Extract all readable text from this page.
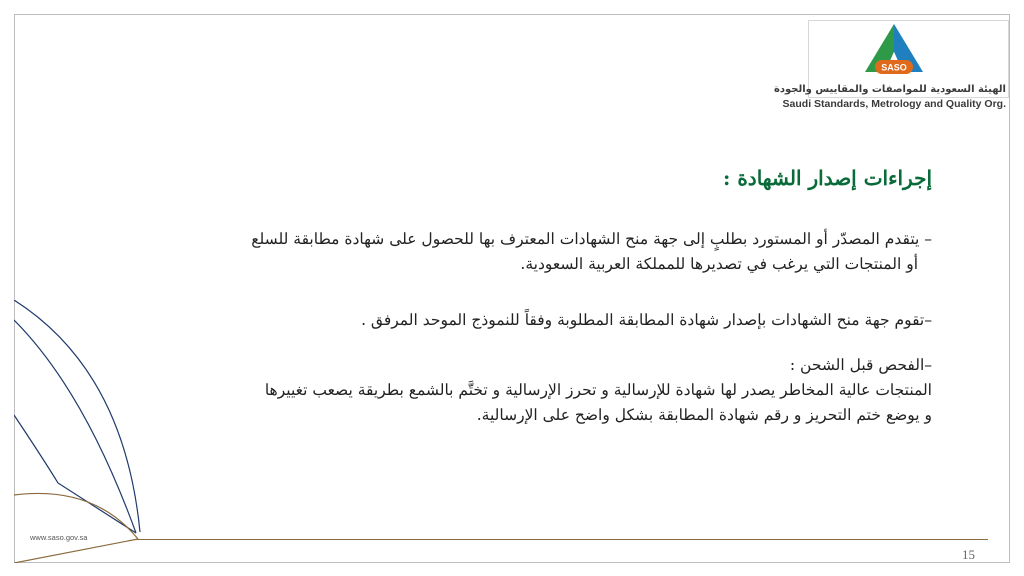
SASO
الهيئة السعودية للمواصفات والمقاييس والجودة
Saudi Standards, Metrology and Quality Org.
إجراءات إصدار الشهادة :
– يتقدم المصدّر أو المستورد بطلبٍ إلى جهة منح الشهادات المعترف بها للحصول على شهادة مطابقة للسلع
أو المنتجات التي يرغب في تصديرها للمملكة العربية السعودية.
–تقوم جهة منح الشهادات بإصدار شهادة المطابقة المطلوبة وفقاً للنموذج الموحد المرفق .
–الفحص قبل الشحن :
المنتجات عالية المخاطر يصدر لها شهادة للإرسالية و تحرز الإرسالية و تختَّم بالشمع بطريقة يصعب تغييرها
و يوضع ختم التحريز و رقم شهادة المطابقة بشكل واضح على الإرسالية.
www.saso.gov.sa
15
